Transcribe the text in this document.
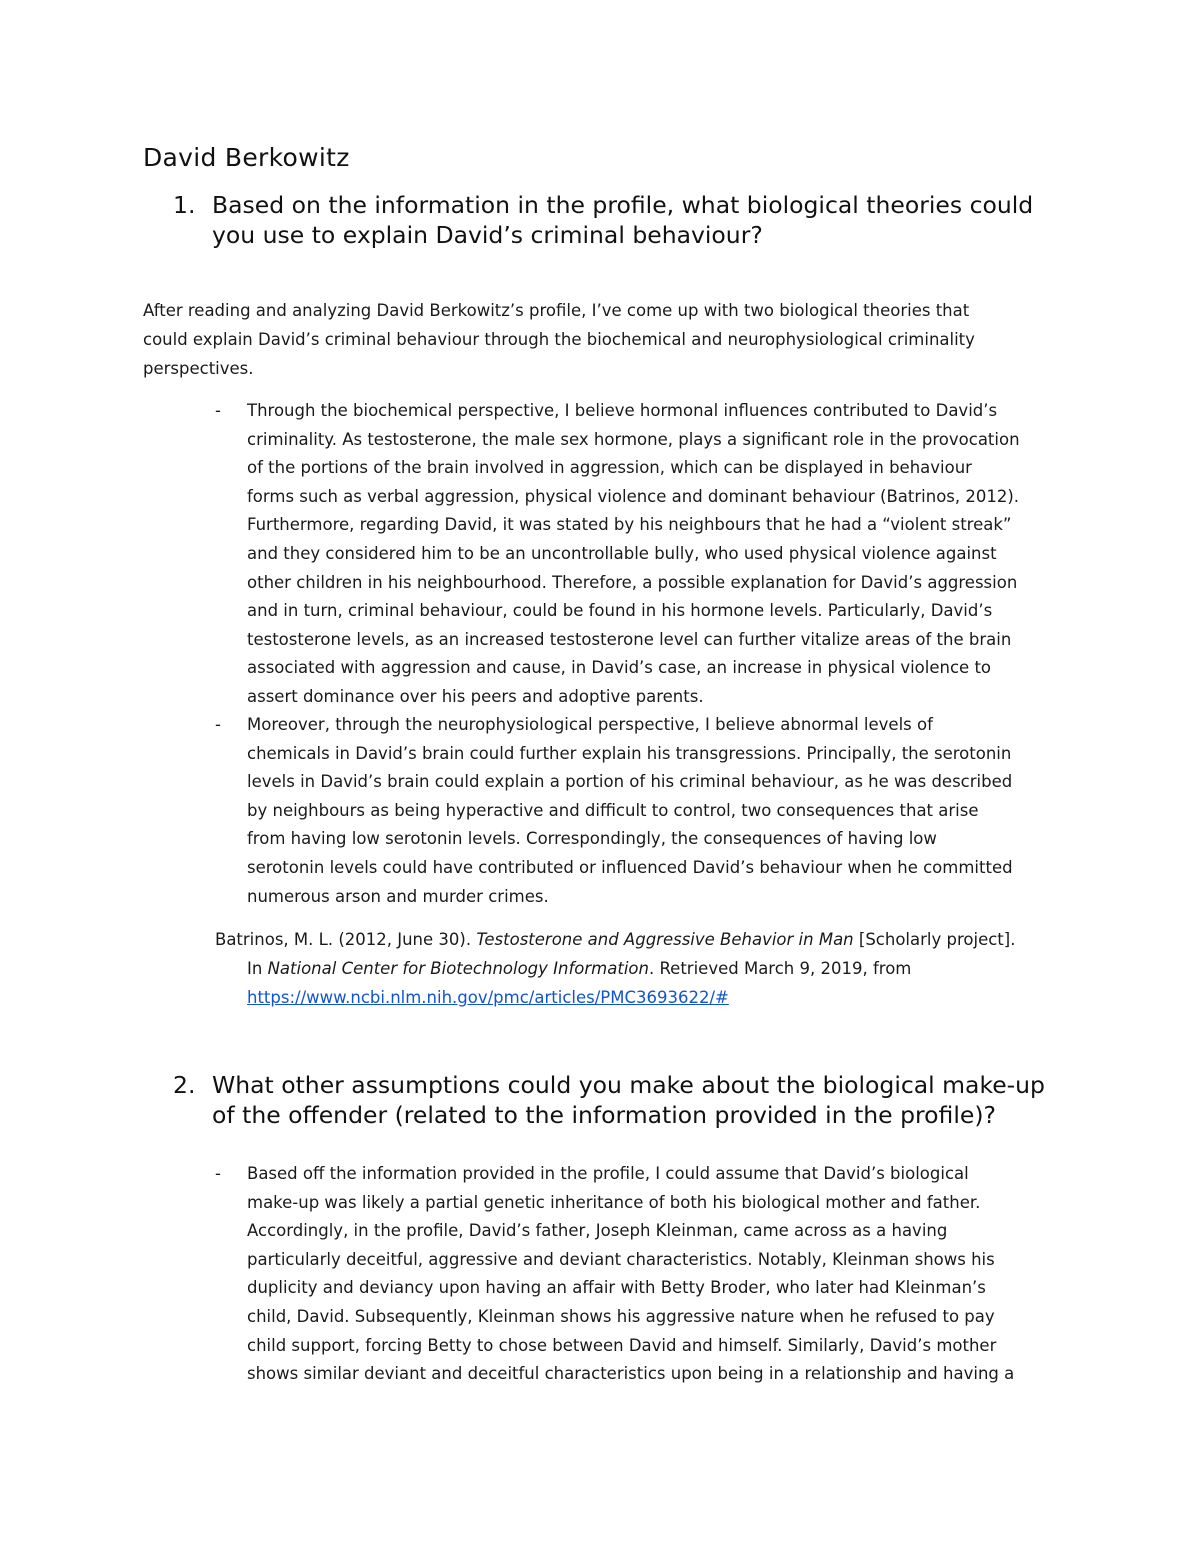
David Berkowitz
1. Based on the information in the profile, what biological theories could
you use to explain David’s criminal behaviour?
After reading and analyzing David Berkowitz’s profile, I’ve come up with two biological theories that
could explain David’s criminal behaviour through the biochemical and neurophysiological criminality
perspectives.
- Through the biochemical perspective, I believe hormonal influences contributed to David’s
criminality. As testosterone, the male sex hormone, plays a significant role in the provocation
of the portions of the brain involved in aggression, which can be displayed in behaviour
forms such as verbal aggression, physical violence and dominant behaviour (Batrinos, 2012).
Furthermore, regarding David, it was stated by his neighbours that he had a “violent streak”
and they considered him to be an uncontrollable bully, who used physical violence against
other children in his neighbourhood. Therefore, a possible explanation for David’s aggression
and in turn, criminal behaviour, could be found in his hormone levels. Particularly, David’s
testosterone levels, as an increased testosterone level can further vitalize areas of the brain
associated with aggression and cause, in David’s case, an increase in physical violence to
assert dominance over his peers and adoptive parents.
- Moreover, through the neurophysiological perspective, I believe abnormal levels of
chemicals in David’s brain could further explain his transgressions. Principally, the serotonin
levels in David’s brain could explain a portion of his criminal behaviour, as he was described
by neighbours as being hyperactive and difficult to control, two consequences that arise
from having low serotonin levels. Correspondingly, the consequences of having low
serotonin levels could have contributed or influenced David’s behaviour when he committed
numerous arson and murder crimes.
Batrinos, M. L. (2012, June 30). Testosterone and Aggressive Behavior in Man [Scholarly project].
In National Center for Biotechnology Information. Retrieved March 9, 2019, from
https://www.ncbi.nlm.nih.gov/pmc/articles/PMC3693622/#
2. What other assumptions could you make about the biological make-up
of the offender (related to the information provided in the profile)?
- Based off the information provided in the profile, I could assume that David’s biological
make-up was likely a partial genetic inheritance of both his biological mother and father.
Accordingly, in the profile, David’s father, Joseph Kleinman, came across as a having
particularly deceitful, aggressive and deviant characteristics. Notably, Kleinman shows his
duplicity and deviancy upon having an affair with Betty Broder, who later had Kleinman’s
child, David. Subsequently, Kleinman shows his aggressive nature when he refused to pay
child support, forcing Betty to chose between David and himself. Similarly, David’s mother
shows similar deviant and deceitful characteristics upon being in a relationship and having a
